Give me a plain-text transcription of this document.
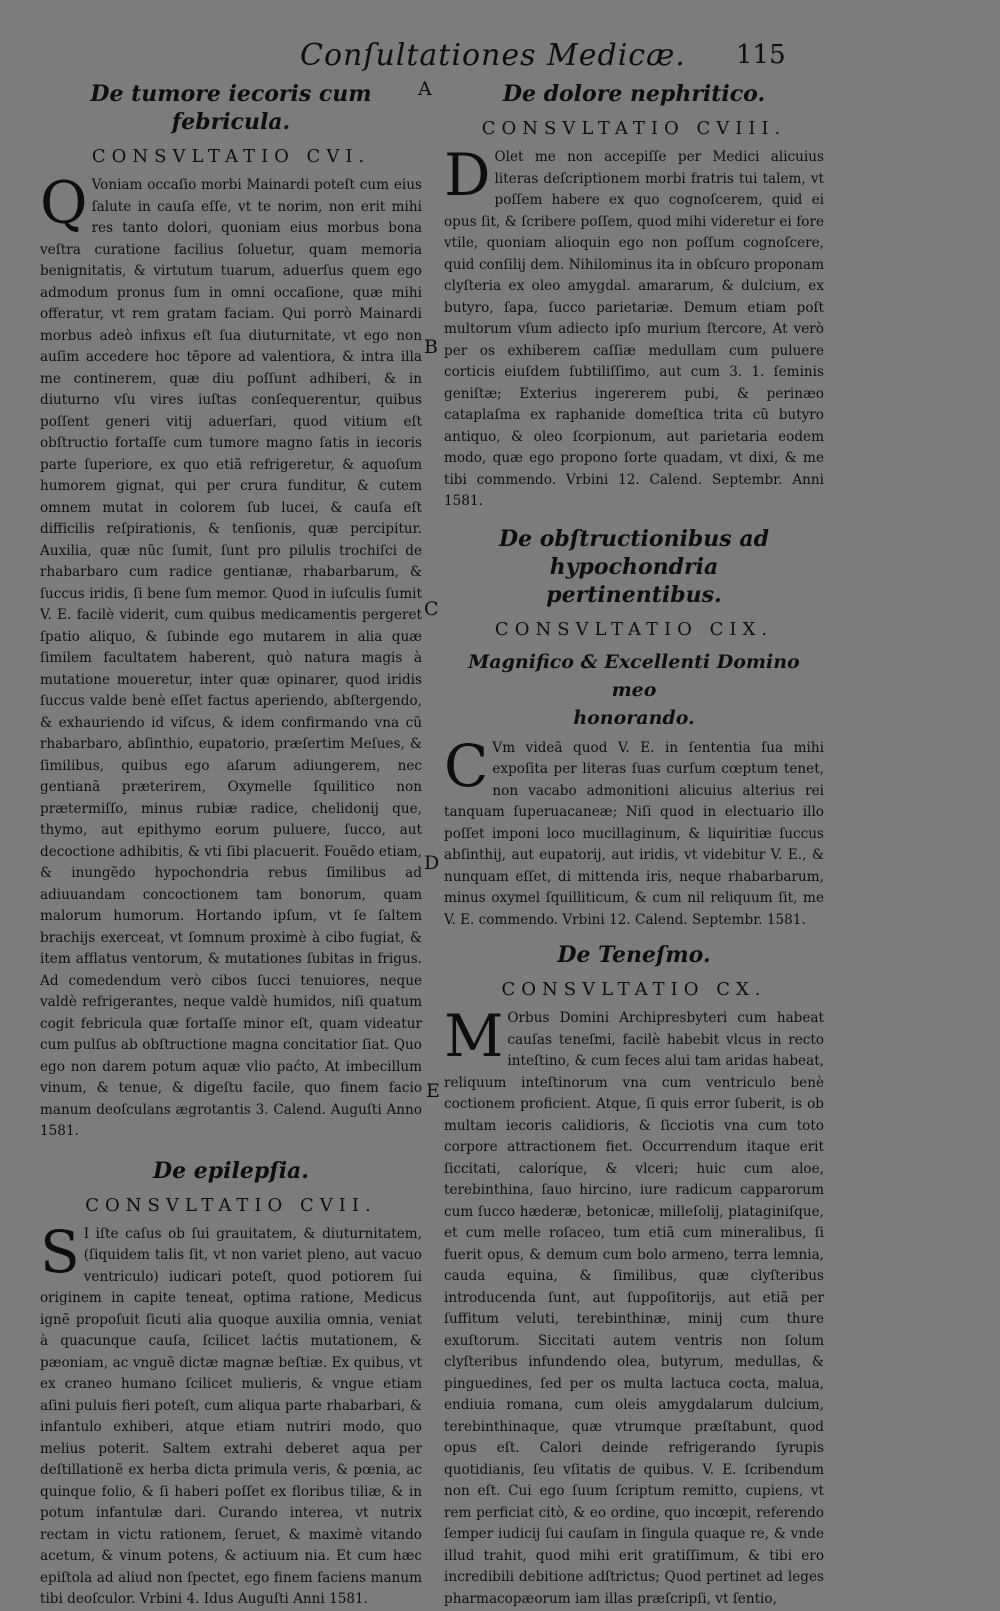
Conſultationes Medicæ. 115
A
B
C
D
E

De tumore iecoris cum febricula.

CONSVLTATIO CVI.

Q Voniam occaſio morbi Mainardi poteſt cum eius ſalute in cauſa eſſe, vt te norim, non erit mihi res tanto dolori, quoniam eius morbus bona veſtra curatione facilius ſoluetur, quam memoria benignitatis, & virtutum tuarum, aduerſus quem ego admodum pronus ſum in omni occaſione, quæ mihi offeratur, vt rem gratam faciam. Qui porrò Mainardi morbus adeò infixus eſt ſua diuturnitate, vt ego non auſim accedere hoc tẽpore ad valentiora, & intra illa me continerem, quæ diu poſſunt adhiberi, & in diuturno vſu vires iuſtas conſequerentur, quibus poſſent generi vitij aduerſari, quod vitium eſt obſtructio fortaſſe cum tumore magno ſatis in iecoris parte ſuperiore, ex quo etiã refrigeretur, & aquoſum humorem gignat, qui per crura funditur, & cutem omnem mutat in colorem ſub lucei, & cauſa eſt difficilis reſpirationis, & tenſionis, quæ percipitur. Auxilia, quæ nũc ſumit, ſunt pro pilulis trochiſci de rhabarbaro cum radice gentianæ, rhabarbarum, & ſuccus iridis, ſi bene ſum memor. Quod in iuſculis ſumit V. E. facilè viderit, cum quibus medicamentis pergeret ſpatio aliquo, & ſubinde ego mutarem in alia quæ ſimilem facultatem haberent, quò natura magis à mutatione moueretur, inter quæ opinarer, quod iridis ſuccus valde benè eſſet factus aperiendo, abſtergendo, & exhauriendo id viſcus, & idem confirmando vna cũ rhabarbaro, abſinthio, eupatorio, præſertim Meſues, & ſimilibus, quibus ego aſarum adiungerem, nec gentianã præterirem, Oxymelle ſquilitico non prætermiſſo, minus rubiæ radice, chelidonij que, thymo, aut epithymo eorum puluere, ſucco, aut decoctione adhibitis, & vti ſibi placuerit. Fouẽdo etiam, & inungẽdo hypochondria rebus ſimilibus ad adiuuandam concoctionem tam bonorum, quam malorum humorum. Hortando ipſum, vt ſe ſaltem brachijs exerceat, vt ſomnum proximè à cibo fugiat, & item afflatus ventorum, & mutationes ſubitas in frigus. Ad comedendum verò cibos ſucci tenuiores, neque valdè refrigerantes, neque valdè humidos, niſi quatum cogit febricula quæ fortaſſe minor eſt, quam videatur cum pulſus ab obſtructione magna concitatior ſiat. Quo ego non darem potum aquæ vlio paćto, At imbecillum vinum, & tenue, & digeſtu facile, quo finem facio manum deoſculans ægrotantis 3. Calend. Auguſti Anno 1581.

De epilepſia.

CONSVLTATIO CVII.

S I iſte caſus ob ſui grauitatem, & diuturnitatem, (ſiquidem talis ſit, vt non variet pleno, aut vacuo ventriculo) iudicari poteſt, quod potiorem ſui originem in capite teneat, optima ratione, Medicus ignẽ propoſuit ſicuti alia quoque auxilia omnia, veniat à quacunque cauſa, ſcilicet laćtis mutationem, & pæoniam, ac vnguẽ dictæ magnæ beſtiæ. Ex quibus, vt ex craneo humano ſcilicet mulieris, & vngue etiam aſini puluis fieri poteſt, cum aliqua parte rhabarbari, & infantulo exhiberi, atque etiam nutriri modo, quo melius poterit. Saltem extrahi deberet aqua per deſtillationẽ ex herba dicta primula veris, & pœnia, ac quinque folio, & ſi haberi poſſet ex floribus tiliæ, & in potum infantulæ dari. Curando interea, vt nutrix rectam in victu rationem, ſeruet, & maximè vitando acetum, & vinum potens, & actiuum nia. Et cum hæc epiſtola ad aliud non ſpectet, ego finem faciens manum tibi deoſculor. Vrbini 4. Idus Auguſti Anni 1581.

De dolore nephritico.

CONSVLTATIO CVIII.

D Olet me non accepiſſe per Medici alicuius literas deſcriptionem morbi fratris tui talem, vt poſſem habere ex quo cognoſcerem, quid ei opus ſit, & ſcribere poſſem, quod mihi videretur ei fore vtile, quoniam alioquin ego non poſſum cognoſcere, quid conſilij dem. Nihilominus ita in obſcuro proponam clyſteria ex oleo amygdal. amararum, & dulcium, ex butyro, ſapa, ſucco parietariæ. Demum etiam poſt multorum vſum adiecto ipſo murium ſtercore, At verò per os exhiberem caſſiæ medullam cum puluere corticis eiuſdem ſubtiliſſimo, aut cum 3. 1. ſeminis geniſtæ; Exterius ingererem pubi, & perinæo cataplaſma ex raphanide domeſtica trita cũ butyro antiquo, & oleo ſcorpionum, aut parietaria eodem modo, quæ ego propono ſorte quadam, vt dixi, & me tibi commendo. Vrbini 12. Calend. Septembr. Anni 1581.

De obſtructionibus ad hypochondria

pertinentibus.

CONSVLTATIO CIX.

Magnifico & Excellenti Domino meo

honorando.

C Vm videã quod V. E. in ſententia ſua mihi expoſita per literas ſuas curſum cœptum tenet, non vacabo admonitioni alicuius alterius rei tanquam ſuperuacaneæ; Niſi quod in electuario illo poſſet imponi loco mucillaginum, & liquiritiæ ſuccus abſinthij, aut eupatorij, aut iridis, vt videbitur V. E., & nunquam eſſet, di mittenda iris, neque rhabarbarum, minus oxymel ſquilliticum, & cum nil reliquum ſit, me V. E. commendo. Vrbini 12. Calend. Septembr. 1581.

De Teneſmo.

CONSVLTATIO CX.

M Orbus Domini Archipresbyteri cum habeat cauſas teneſmi, facilè habebit vlcus in recto inteſtino, & cum feces alui tam aridas habeat, reliquum inteſtinorum vna cum ventriculo benè coctionem proficient. Atque, ſi quis error ſuberit, is ob multam iecoris calidioris, & ſicciotis vna cum toto corpore attractionem fiet. Occurrendum itaque erit ſiccitati, caloríque, & vlceri; huic cum aloe, terebinthina, ſauo hircino, iure radicum capparorum cum ſucco hæderæ, betonicæ, milleſolij, plataginiſque, et cum melle roſaceo, tum etiã cum mineralibus, ſi fuerit opus, & demum cum bolo armeno, terra lemnia, cauda equina, & ſimilibus, quæ clyſteribus introducenda ſunt, aut ſuppoſitorijs, aut etiã per ſuffitum veluti, terebinthinæ, minij cum thure exuſtorum. Siccitati autem ventris non ſolum clyſteribus infundendo olea, butyrum, medullas, & pinguedines, ſed per os multa lactuca cocta, malua, endiuia romana, cum oleis amygdalarum dulcium, terebinthinaque, quæ vtrumque præſtabunt, quod opus eſt. Calori deinde refrigerando ſyrupis quotidianis, ſeu vſitatis de quibus. V. E. ſcribendum non eſt. Cui ego ſuum ſcriptum remitto, cupiens, vt rem perficiat citò, & eo ordine, quo incœpit, referendo ſemper iudicij ſui cauſam in ſingula quaque re, & vnde illud trahit, quod mihi erit gratiſſimum, & tibi ero incredibili debitione adſtrictus; Quod pertinet ad leges pharmacopæorum iam illas præſcripſi, vt ſentio,
